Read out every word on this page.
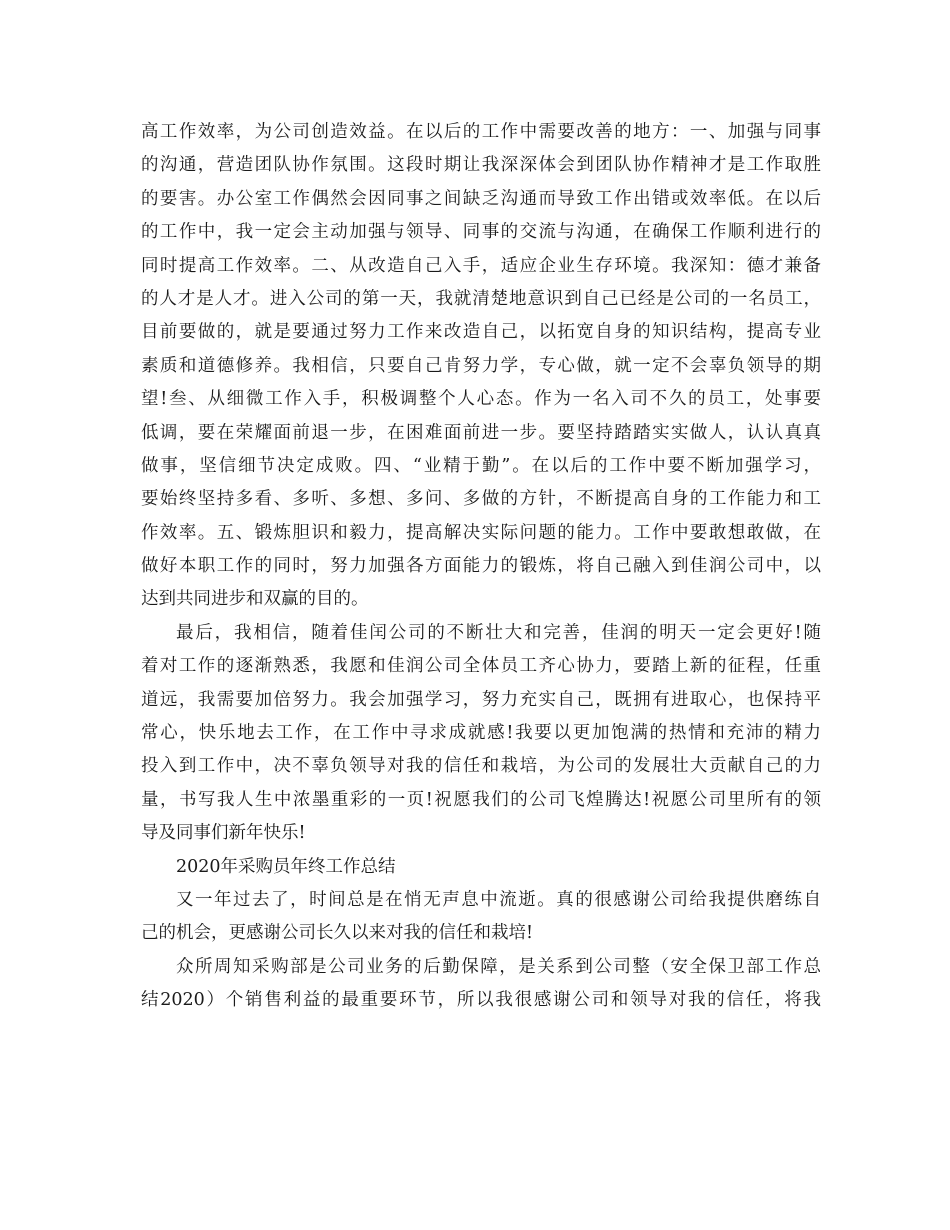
高工作效率，为公司创造效益。在以后的工作中需要改善的地方：一、加强与同事
的沟通，营造团队协作氛围。这段时期让我深深体会到团队协作精神才是工作取胜
的要害。办公室工作偶然会因同事之间缺乏沟通而导致工作出错或效率低。在以后
的工作中，我一定会主动加强与领导、同事的交流与沟通，在确保工作顺利进行的
同时提高工作效率。二、从改造自己入手，适应企业生存环境。我深知：德才兼备
的人才是人才。进入公司的第一天，我就清楚地意识到自己已经是公司的一名员工，
目前要做的，就是要通过努力工作来改造自己，以拓宽自身的知识结构，提高专业
素质和道德修养。我相信，只要自己肯努力学，专心做，就一定不会辜负领导的期
望!叁、从细微工作入手，积极调整个人心态。作为一名入司不久的员工，处事要
低调，要在荣耀面前退一步，在困难面前进一步。要坚持踏踏实实做人，认认真真
做事，坚信细节决定成败。四、“业精于勤”。在以后的工作中要不断加强学习，
要始终坚持多看、多听、多想、多问、多做的方针，不断提高自身的工作能力和工
作效率。五、锻炼胆识和毅力，提高解决实际问题的能力。工作中要敢想敢做，在
做好本职工作的同时，努力加强各方面能力的锻炼，将自己融入到佳润公司中，以
达到共同进步和双赢的目的。
最后，我相信，随着佳闰公司的不断壮大和完善，佳润的明天一定会更好!随
着对工作的逐渐熟悉，我愿和佳润公司全体员工齐心协力，要踏上新的征程，任重
道远，我需要加倍努力。我会加强学习，努力充实自己，既拥有进取心，也保持平
常心，快乐地去工作，在工作中寻求成就感!我要以更加饱满的热情和充沛的精力
投入到工作中，决不辜负领导对我的信任和栽培，为公司的发展壮大贡献自己的力
量，书写我人生中浓墨重彩的一页!祝愿我们的公司飞煌腾达!祝愿公司里所有的领
导及同事们新年快乐!
2020年采购员年终工作总结
又一年过去了，时间总是在悄无声息中流逝。真的很感谢公司给我提供磨练自
己的机会，更感谢公司长久以来对我的信任和栽培!
众所周知采购部是公司业务的后勤保障，是关系到公司整（安全保卫部工作总
结2020）个销售利益的最重要环节，所以我很感谢公司和领导对我的信任，将我
